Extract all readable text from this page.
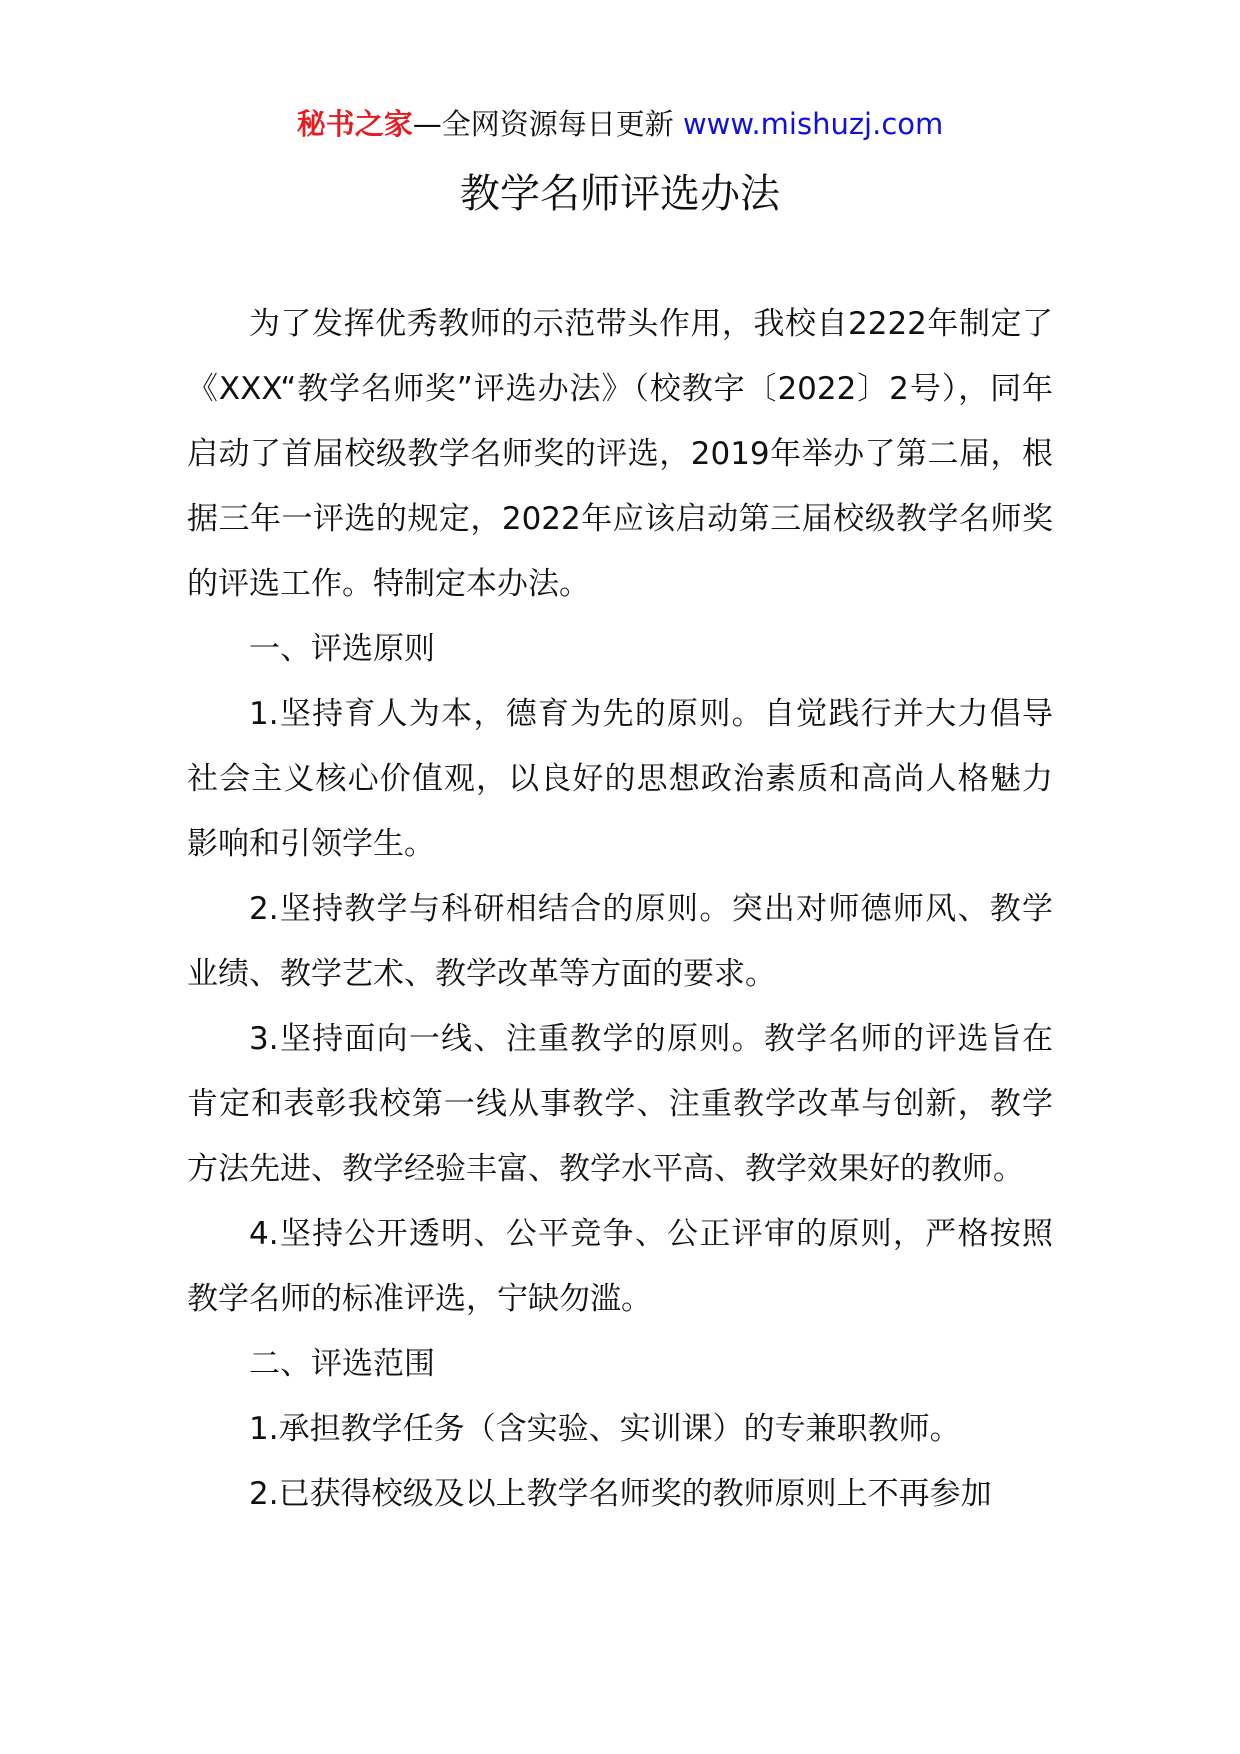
秘书之家—全网资源每日更新 www.mishuzj.com
教学名师评选办法

为了发挥优秀教师的示范带头作用，我校自2222年制定了《XXX“教学名师奖”评选办法》（校教字〔2022〕2号），同年启动了首届校级教学名师奖的评选，2019年举办了第二届，根据三年一评选的规定，2022年应该启动第三届校级教学名师奖的评选工作。特制定本办法。

一、评选原则

1.坚持育人为本，德育为先的原则。自觉践行并大力倡导社会主义核心价值观，以良好的思想政治素质和高尚人格魅力影响和引领学生。

2.坚持教学与科研相结合的原则。突出对师德师风、教学业绩、教学艺术、教学改革等方面的要求。

3.坚持面向一线、注重教学的原则。教学名师的评选旨在肯定和表彰我校第一线从事教学、注重教学改革与创新，教学方法先进、教学经验丰富、教学水平高、教学效果好的教师。

4.坚持公开透明、公平竞争、公正评审的原则，严格按照教学名师的标准评选，宁缺勿滥。

二、评选范围

1.承担教学任务（含实验、实训课）的专兼职教师。

2.已获得校级及以上教学名师奖的教师原则上不再参加
